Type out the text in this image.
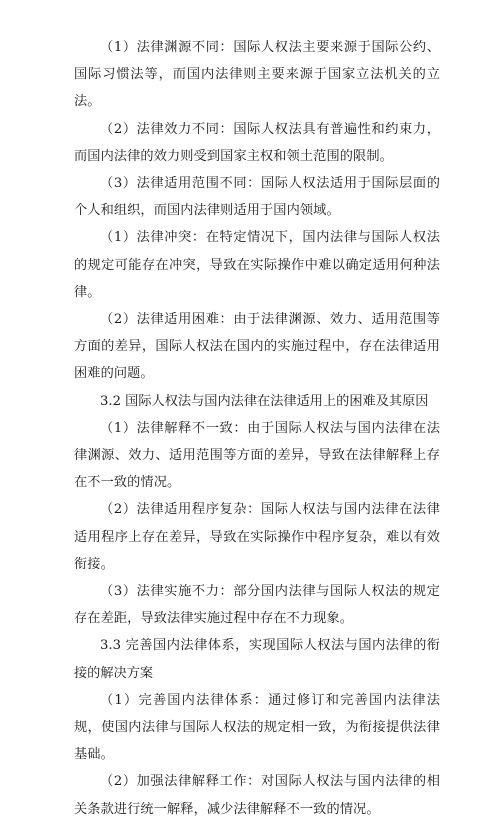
（1）法律渊源不同：国际人权法主要来源于国际公约、国际习惯法等，而国内法律则主要来源于国家立法机关的立法。

（2）法律效力不同：国际人权法具有普遍性和约束力，而国内法律的效力则受到国家主权和领土范围的限制。

（3）法律适用范围不同：国际人权法适用于国际层面的个人和组织，而国内法律则适用于国内领域。

（1）法律冲突：在特定情况下，国内法律与国际人权法的规定可能存在冲突，导致在实际操作中难以确定适用何种法律。

（2）法律适用困难：由于法律渊源、效力、适用范围等方面的差异，国际人权法在国内的实施过程中，存在法律适用困难的问题。

3.2 国际人权法与国内法律在法律适用上的困难及其原因

（1）法律解释不一致：由于国际人权法与国内法律在法律渊源、效力、适用范围等方面的差异，导致在法律解释上存在不一致的情况。

（2）法律适用程序复杂：国际人权法与国内法律在法律适用程序上存在差异，导致在实际操作中程序复杂，难以有效衔接。

（3）法律实施不力：部分国内法律与国际人权法的规定存在差距，导致法律实施过程中存在不力现象。

3.3 完善国内法律体系，实现国际人权法与国内法律的衔接的解决方案

（1）完善国内法律体系：通过修订和完善国内法律法规，使国内法律与国际人权法的规定相一致，为衔接提供法律基础。

（2）加强法律解释工作：对国际人权法与国内法律的相关条款进行统一解释，减少法律解释不一致的情况。
